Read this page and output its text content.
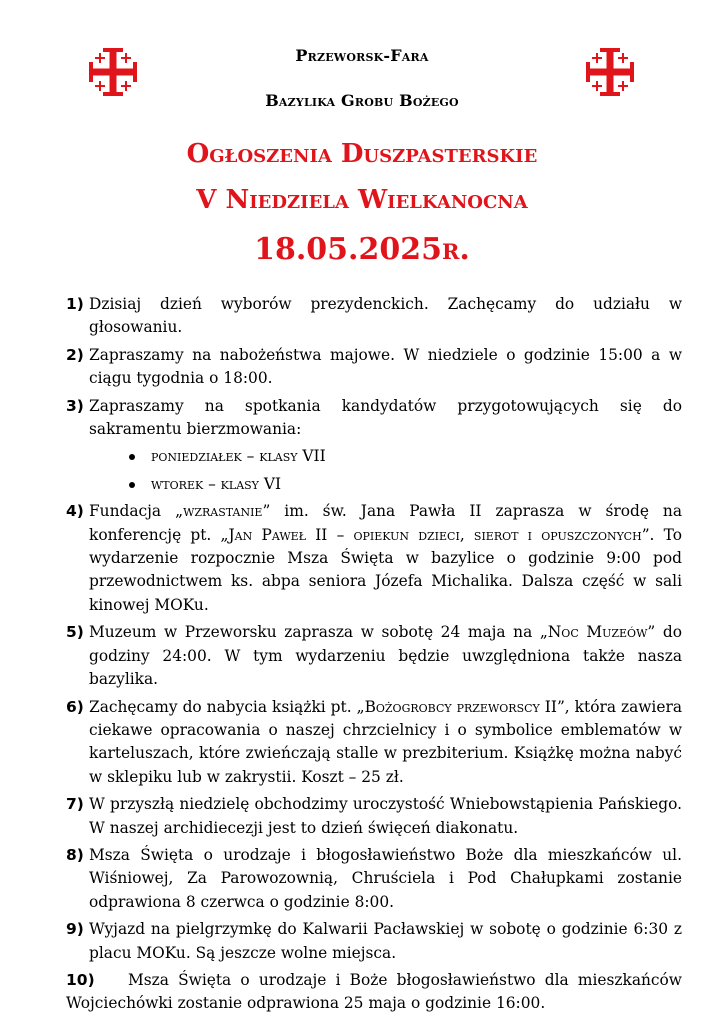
Przeworsk-Fara
Bazylika Grobu Bożego
Ogłoszenia Duszpasterskie
V Niedziela Wielkanocna
18.05.2025r.
1) Dzisiaj dzień wyborów prezydenckich. Zachęcamy do udziału w głosowaniu.
2) Zapraszamy na nabożeństwa majowe. W niedziele o godzinie 15:00 a w ciągu tygodnia o 18:00.
3) Zapraszamy na spotkania kandydatów przygotowujących się do sakramentu bierzmowania:
poniedziałek – klasy VII
wtorek – klasy VI
4) Fundacja „wzrastanie” im. św. Jana Pawła II zaprasza w środę na konferencję pt. „Jan Paweł II – opiekun dzieci, sierot i opuszczonych”. To wydarzenie rozpocznie Msza Święta w bazylice o godzinie 9:00 pod przewodnictwem ks. abpa seniora Józefa Michalika. Dalsza część w sali kinowej MOKu.
5) Muzeum w Przeworsku zaprasza w sobotę 24 maja na „Noc Muzeów” do godziny 24:00. W tym wydarzeniu będzie uwzględniona także nasza bazylika.
6) Zachęcamy do nabycia książki pt. „Bożogrobcy przeworscy II”, która zawiera ciekawe opracowania o naszej chrzcielnicy i o symbolice emblematów w karteluszach, które zwieńczają stalle w prezbiterium. Książkę można nabyć w sklepiku lub w zakrystii. Koszt – 25 zł.
7) W przyszłą niedzielę obchodzimy uroczystość Wniebowstąpienia Pańskiego. W naszej archidiecezji jest to dzień święceń diakonatu.
8) Msza Święta o urodzaje i błogosławieństwo Boże dla mieszkańców ul. Wiśniowej, Za Parowozownią, Chruściela i Pod Chałupkami zostanie odprawiona 8 czerwca o godzinie 8:00.
9) Wyjazd na pielgrzymkę do Kalwarii Pacławskiej w sobotę o godzinie 6:30 z placu MOKu. Są jeszcze wolne miejsca.
10) Msza Święta o urodzaje i Boże błogosławieństwo dla mieszkańców Wojciechówki zostanie odprawiona 25 maja o godzinie 16:00.
